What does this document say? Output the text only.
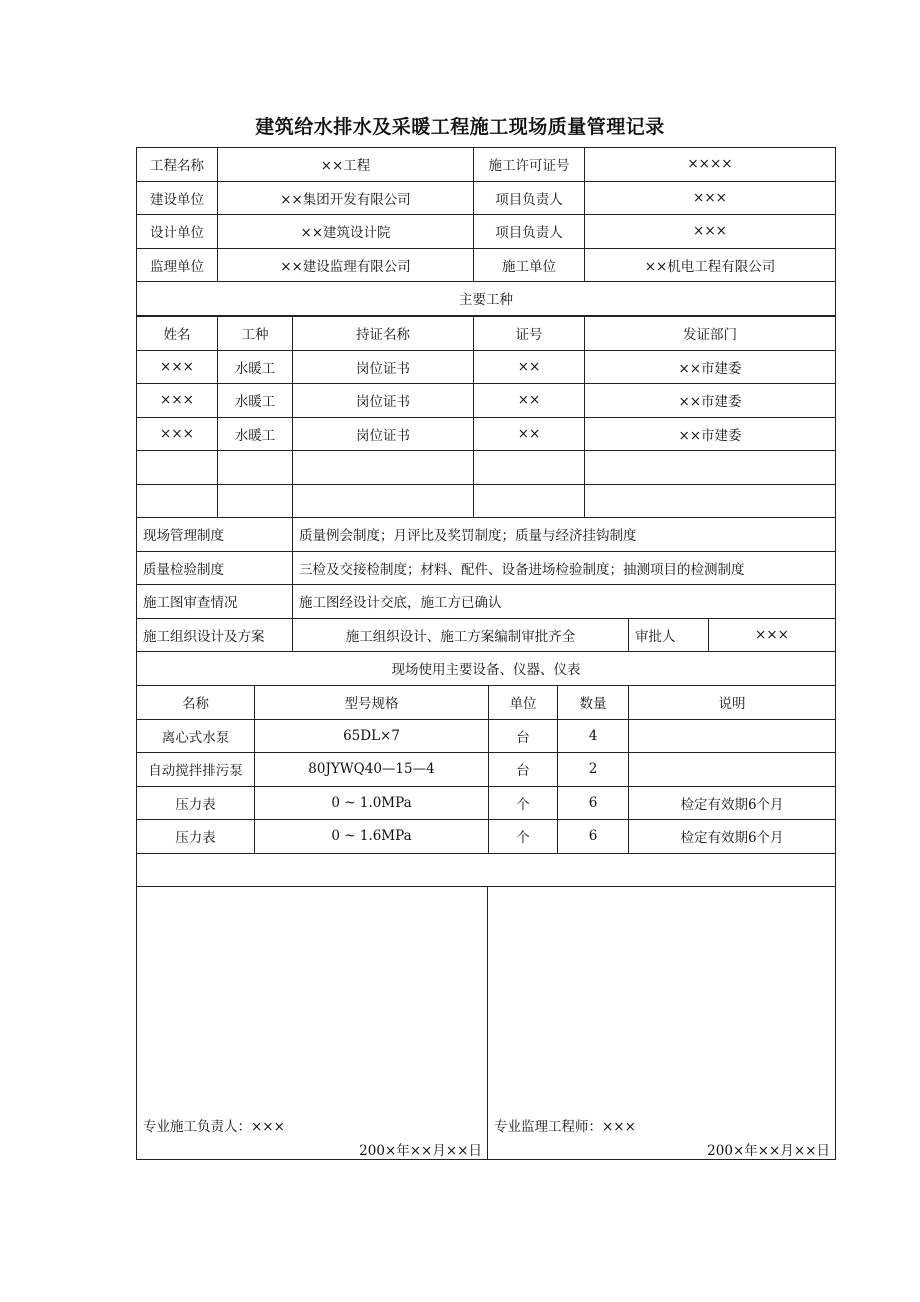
建筑给水排水及采暖工程施工现场质量管理记录
工程名称	××工程	施工许可证号	××××
建设单位	××集团开发有限公司	项目负责人	×××
设计单位	××建筑设计院	项目负责人	×××
监理单位	××建设监理有限公司	施工单位	××机电工程有限公司
主要工种			
姓名	工种	持证名称	证号	发证部门
×××	水暖工	岗位证书	××	××市建委
×××	水暖工	岗位证书	××	××市建委
×××	水暖工	岗位证书	××	××市建委

现场管理制度	质量例会制度；月评比及奖罚制度；质量与经济挂钩制度		
质量检验制度	三检及交接检制度；材料、配件、设备进场检验制度；抽测项目的检测制度		
施工图审查情况	施工图经设计交底，施工方已确认		
施工组织设计及方案	施工组织设计、施工方案编制审批齐全	审批人	×××
现场使用主要设备、仪器、仪表			
名称	型号规格	单位	数量	说明
离心式水泵	65DL×7	台	4	
自动搅拌排污泵	80JYWQ40—15—4	台	2	
压力表	0 ~ 1.0MPa	个	6	检定有效期6个月
压力表	0 ~ 1.6MPa	个	6	检定有效期6个月

专业施工负责人：×××
200×年××月××日

专业监理工程师：×××
200×年××月××日
